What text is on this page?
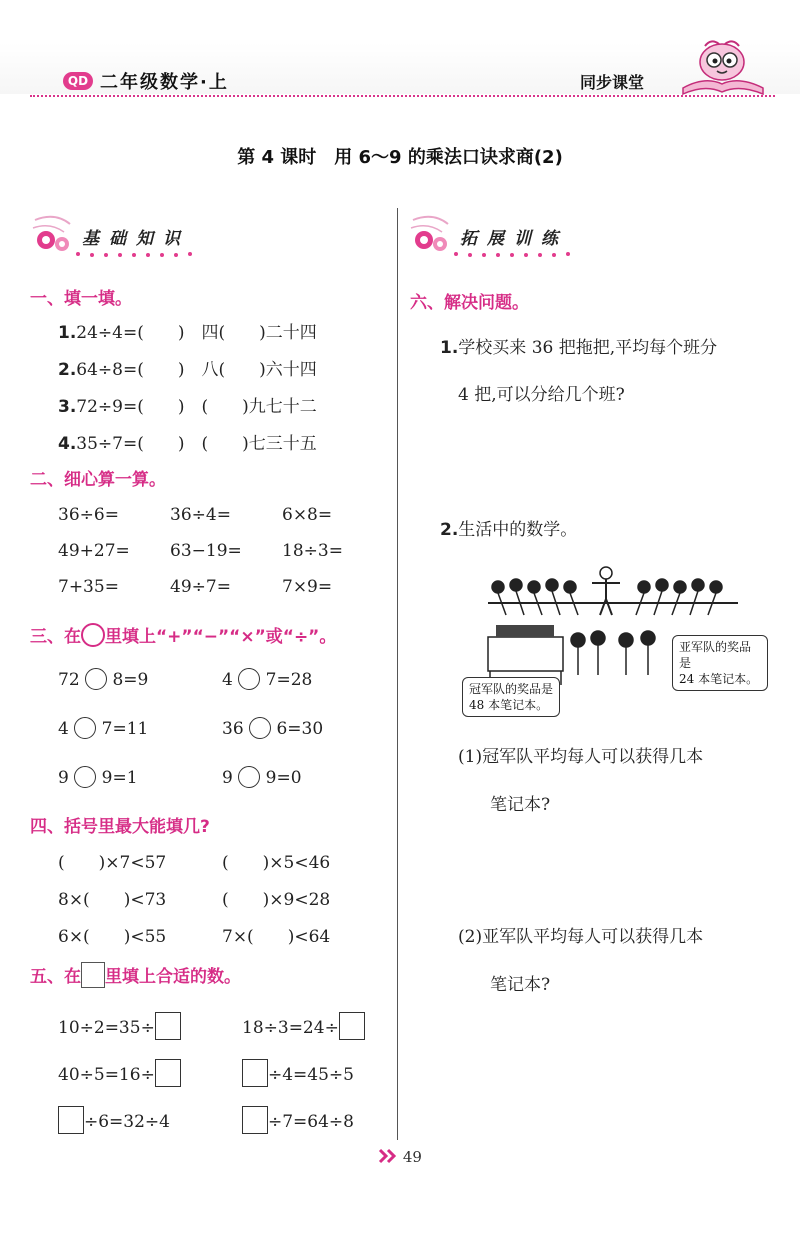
QD 二年级数学·上	同步课堂
第 4 课时　用 6～9 的乘法口诀求商(2)
基础知识
一、填一填。
1.24÷4=(　　)　四(　　)二十四
2.64÷8=(　　)　八(　　)六十四
3.72÷9=(　　)　(　　)九七十二
4.35÷7=(　　)　(　　)七三十五
二、细心算一算。
36÷6=	36÷4=	6×8=
49+27= 63−19= 18÷3=
7+35=	49÷7=	7×9=
三、在 里填上“+”“−”“×”或“÷”。
72 8=9	4 7=28
4 7=11	36 6=30
9 9=1	9 9=0
四、括号里最大能填几?
(　　)×7<57	(　　)×5<46
8×(　　)<73	(　　)×9<28
6×(　　)<55	7×(　　)<64
五、在 里填上合适的数。
10÷2=35÷	18÷3=24÷
40÷5=16÷	÷4=45÷5
÷6=32÷4	÷7=64÷8
拓展训练
六、解决问题。
1.学校买来 36 把拖把,平均每个班分
4 把,可以分给几个班?
2.生活中的数学。
亚军队的奖品是
24 本笔记本。
冠军队的奖品是
48 本笔记本。
(1)冠军队平均每人可以获得几本
笔记本?
(2)亚军队平均每人可以获得几本
笔记本?
49
